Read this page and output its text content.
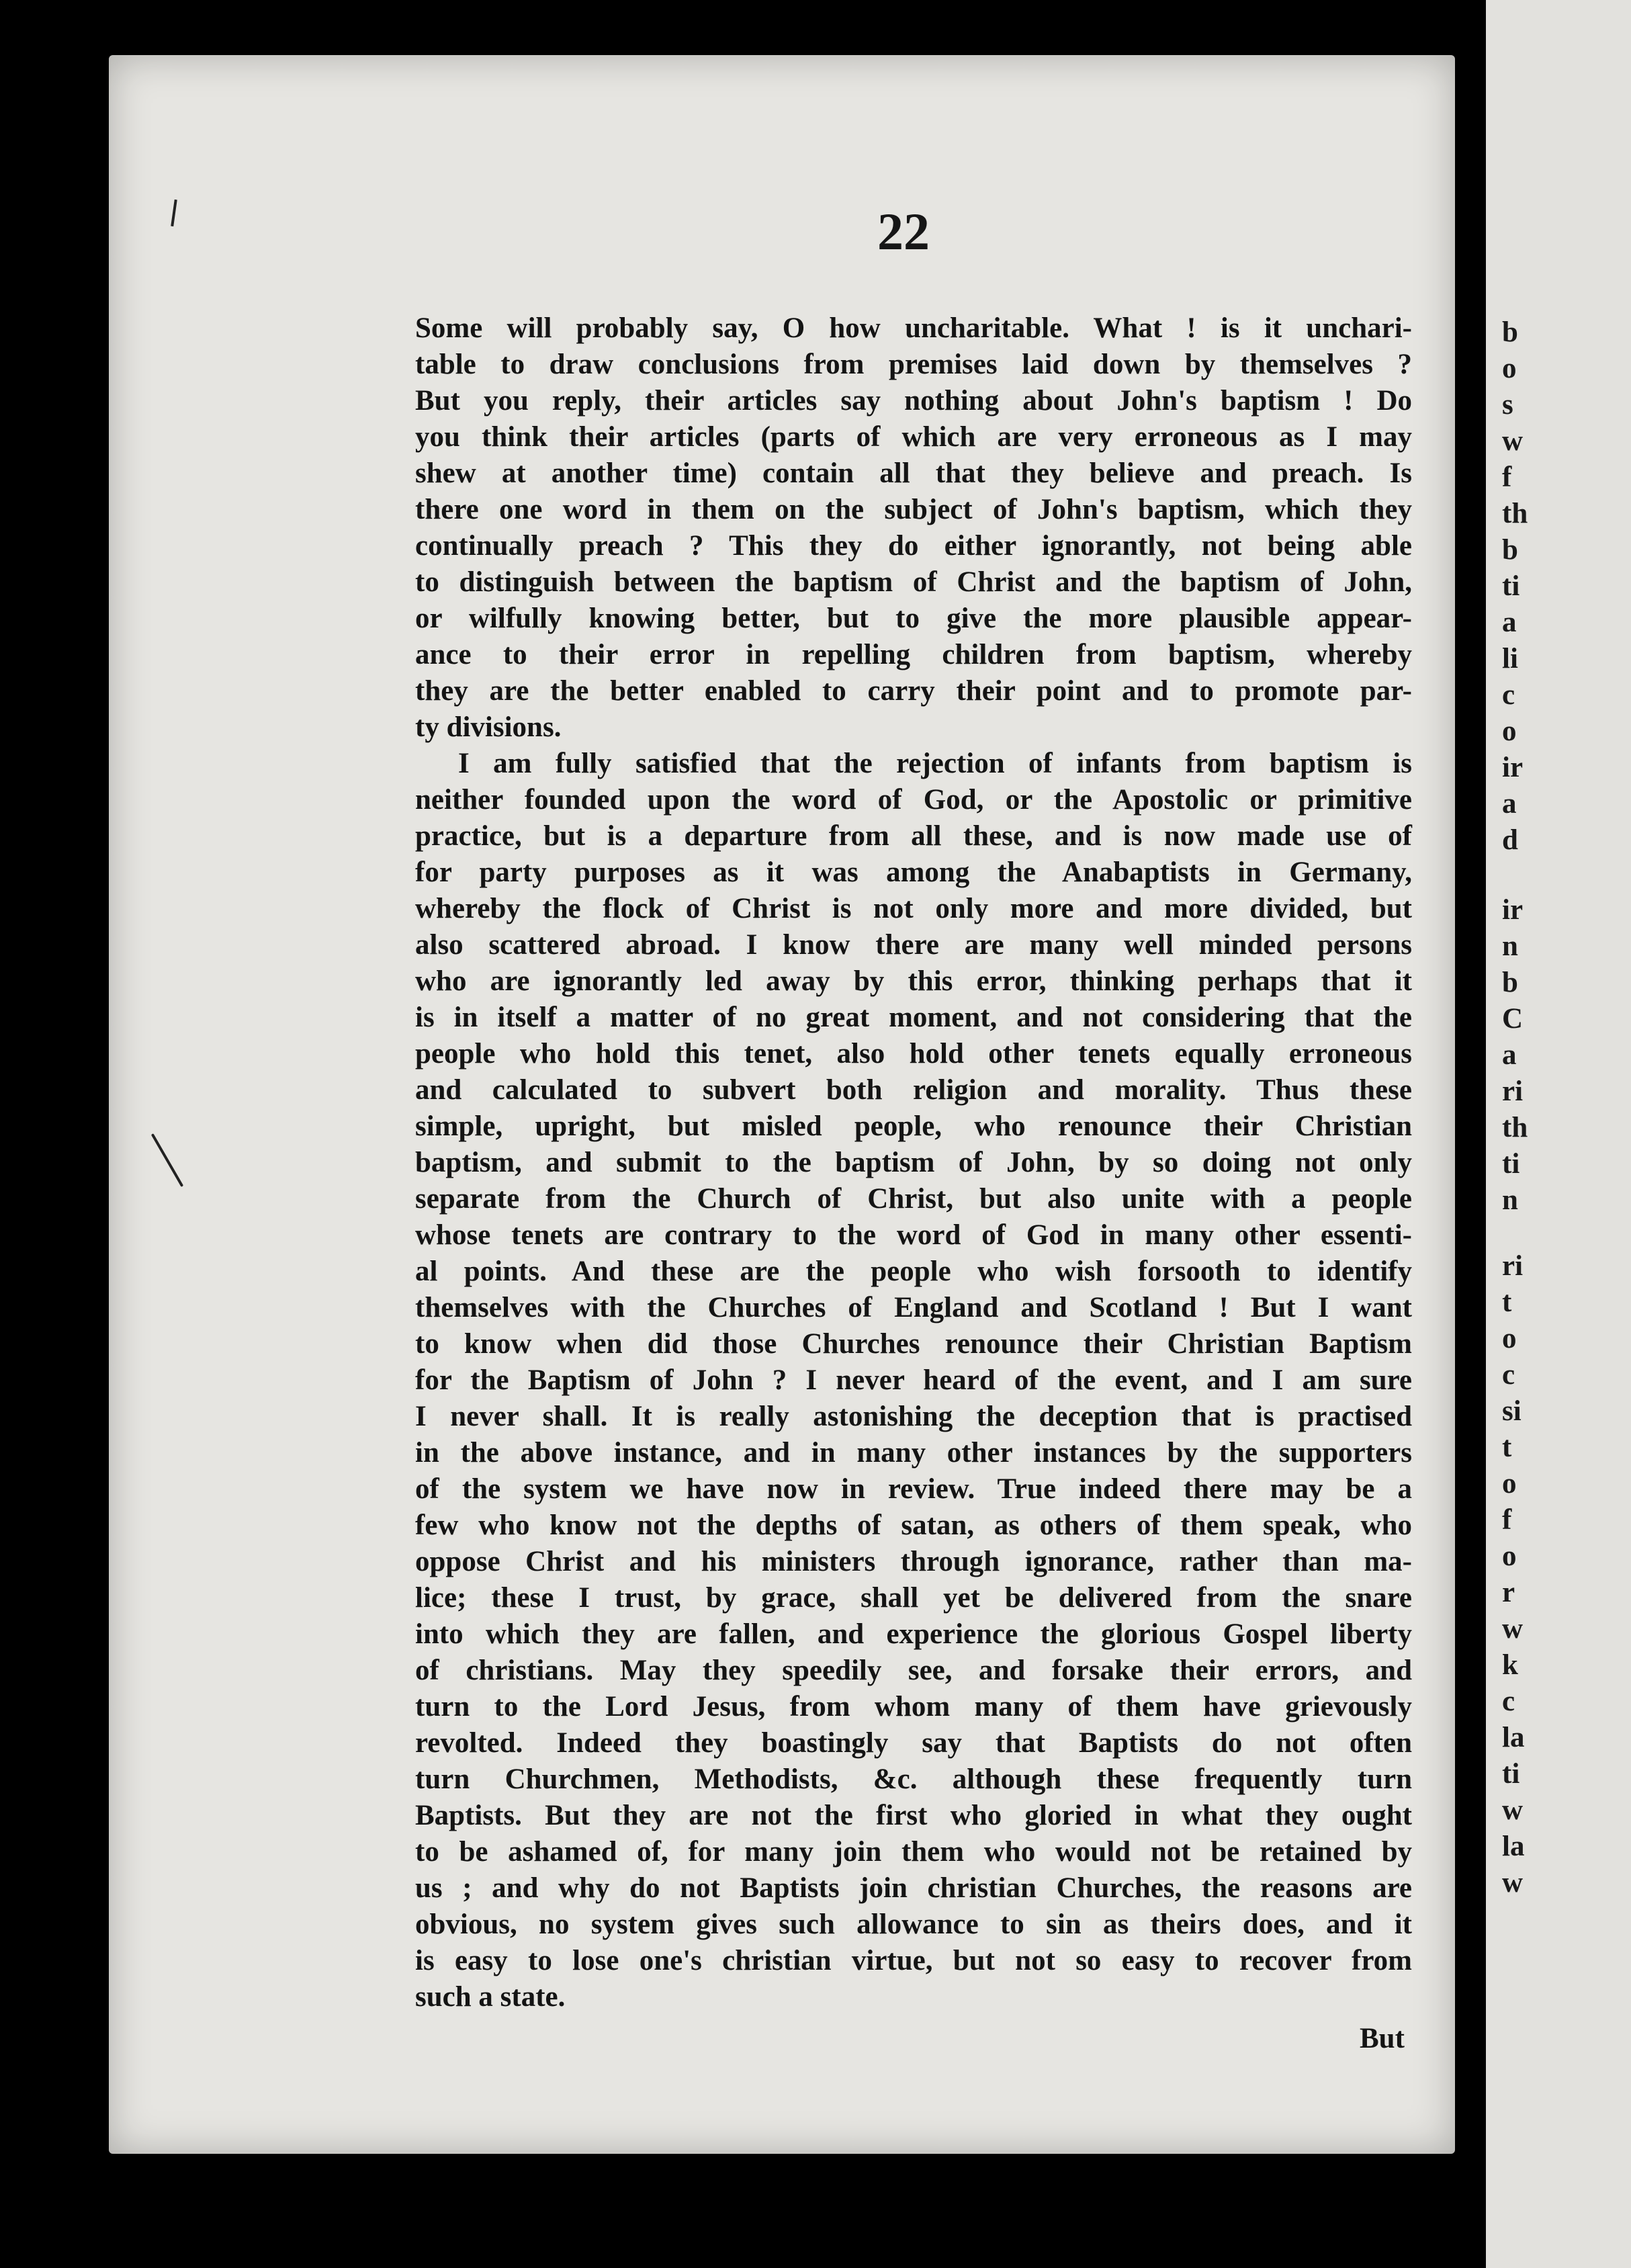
22
Some will probably say, O how uncharitable. What ! is it unchari-
table to draw conclusions from premises laid down by themselves ?
But you reply, their articles say nothing about John's baptism ! Do
you think their articles (parts of which are very erroneous as I may
shew at another time) contain all that they believe and preach. Is
there one word in them on the subject of John's baptism, which they
continually preach ? This they do either ignorantly, not being able
to distinguish between the baptism of Christ and the baptism of John,
or wilfully knowing better, but to give the more plausible appear-
ance to their error in repelling children from baptism, whereby
they are the better enabled to carry their point and to promote par-
ty divisions.
I am fully satisfied that the rejection of infants from baptism is
neither founded upon the word of God, or the Apostolic or primitive
practice, but is a departure from all these, and is now made use of
for party purposes as it was among the Anabaptists in Germany,
whereby the flock of Christ is not only more and more divided, but
also scattered abroad. I know there are many well minded persons
who are ignorantly led away by this error, thinking perhaps that it
is in itself a matter of no great moment, and not considering that the
people who hold this tenet, also hold other tenets equally erroneous
and calculated to subvert both religion and morality. Thus these
simple, upright, but misled people, who renounce their Christian
baptism, and submit to the baptism of John, by so doing not only
separate from the Church of Christ, but also unite with a people
whose tenets are contrary to the word of God in many other essenti-
al points. And these are the people who wish forsooth to identify
themselves with the Churches of England and Scotland ! But I want
to know when did those Churches renounce their Christian Baptism
for the Baptism of John ? I never heard of the event, and I am sure
I never shall. It is really astonishing the deception that is practised
in the above instance, and in many other instances by the supporters
of the system we have now in review. True indeed there may be a
few who know not the depths of satan, as others of them speak, who
oppose Christ and his ministers through ignorance, rather than ma-
lice; these I trust, by grace, shall yet be delivered from the snare
into which they are fallen, and experience the glorious Gospel liberty
of christians. May they speedily see, and forsake their errors, and
turn to the Lord Jesus, from whom many of them have grievously
revolted. Indeed they boastingly say that Baptists do not often
turn Churchmen, Methodists, &c. although these frequently turn
Baptists. But they are not the first who gloried in what they ought
to be ashamed of, for many join them who would not be retained by
us ; and why do not Baptists join christian Churches, the reasons are
obvious, no system gives such allowance to sin as theirs does, and it
is easy to lose one's christian virtue, but not so easy to recover from
such a state.
But
b
o
s
w
f
th
b
ti
a
li
c
o
ir
a
d
ir
n
b
C
a
ri
th
ti
n
ri
t
o
c
si
t
o
f
o
r
w
k
c
la
ti
w
la
w
